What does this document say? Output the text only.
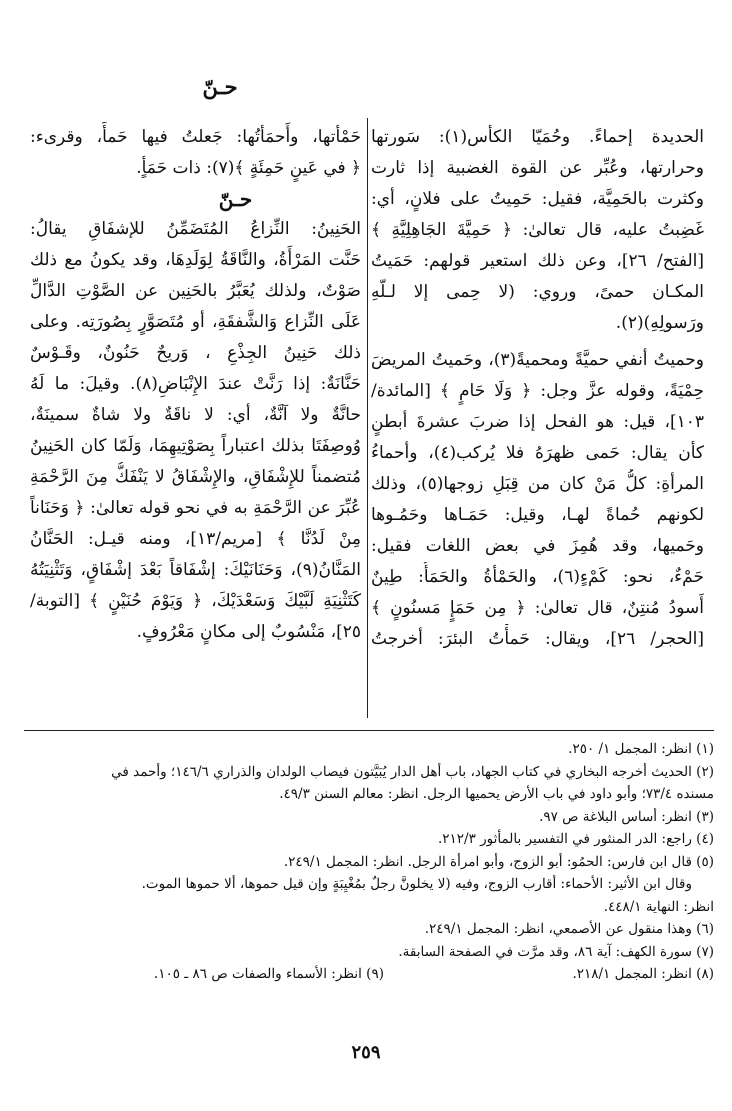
حـنّ
الحديدة إحماءً. وحُمَيّا الكأس(١): سَورتها
وحرارتها، وعُبِّر عن القوة الغضبية إذا ثارت
وكثرت بالحَمِيَّة، فقيل: حَمِيتُ على فلانٍ، أي:
غَضِبتُ عليه، قال تعالىٰ: ﴿ حَمِيَّةَ الجَاهِلِيَّةِ ﴾
[الفتح/ ٢٦]، وعن ذلك استعير قولهم: حَمَيتُ
المكـان حمىً، وروي: (لا حِمى إلا لـلّهِ
ورَسولِهِ)(٢).
وحميتُ أنفي حميَّةً ومحميةً(٣)، وحَميتُ المريضَ
حِمْيَةً، وقوله عزَّ وجل: ﴿ وَلَا حَامٍ ﴾ [المائدة/
١٠٣]، قيل: هو الفحل إذا ضربَ عشرةَ أبطنٍ
كأن يقال: حَمى ظهرَهُ فلا يُركب(٤)، وأحماءُ
المرأةِ: كلُّ مَنْ كان من قِبَلِ زوجها(٥)، وذلك
لكونهم حُماةً لهـا، وقيل: حَمَـاها وحَمُـوها
وحَميها، وقد هُمِزَ في بعض اللغات فقيل:
حَمْءٌ، نحو: كَمْءٍ(٦)، والحَمْأةُ والحَمَأُ: طِينٌ
أَسودُ مُنتِنٌ، قال تعالىٰ: ﴿ مِن حَمَإٍ مَسنُونٍ ﴾
[الحجر/ ٢٦]، ويقال: حَمأْتُ البئرَ: أخرجتُ
حَمْأتها، وأَحمَأتُها: جَعلتُ فيها حَمأً، وقرىء:
﴿ في عَينٍ حَمِئَةٍ ﴾(٧): ذات حَمَأٍ.
حـنّ
الحَنِينُ: النِّزاعُ المُتَضَمِّنُ للإشفَاقِ يقالُ:
حَنَّت المَرْأَةُ، والنَّاقَةُ لِوَلَدِهَا، وقد يكونُ مع ذلك
صَوْتٌ، ولذلك يُعَبَّرُ بالحَنِين عن الصَّوْتِ الدَّالِّ
عَلَى النِّزاع وَالشَّفقَةِ، أو مُتَصَوَّرٍ بِصُورَتِه. وعلى
ذلك حَنِينُ الجِذْعِ ، وَريحٌ حَنُونٌ، وقَـوْسٌ
حَنَّانَةٌ: إذا رَنَّتْ عندَ الإِنْبَاضِ(٨). وقيلَ: ما لَهُ
حانَّةٌ ولا آنَّةٌ، أي: لا ناقَةٌ ولا شاةٌ سمينَةٌ،
وُوصِفَتَا بذلك اعتباراً بِصَوْتِيهِمَا، وَلَمّا كان الحَنِينُ
مُتضمناً للإِشْفَاقِ، والإِشْفَاقُ لا يَنْفَكُّ مِنَ الرَّحْمَةِ
عُبِّرَ عن الرَّحْمَةِ به في نحو قوله تعالىٰ: ﴿ وَحَنَاناً
مِنْ لَدُنَّا ﴾ [مريم/١٣]، ومنه قيـل: الحَنَّانُ
المَنَّانُ(٩)، وَحَنَانَيْكَ: إشْفَاقاً بَعْدَ إشْفَاقٍ، وَتَثْنِيَتُهُ
كَتَثْنِيَةِ لَبَّيْكَ وَسَعْدَيْكَ، ﴿ وَيَوْمَ حُنَيْنٍ ﴾ [التوبة/
٢٥]، مَنْسُوبٌ إلى مكانٍ مَعْرُوفٍ.
(١) انظر: المجمل ١/ ٢٥٠.
(٢) الحديث أخرجه البخاري في كتاب الجهاد، باب أهل الدار يُبَيَّتون فيصاب الولدان والذراري ١٤٦/٦؛ وأحمد في
مسنده ٧٣/٤؛ وأبو داود في باب الأرض يحميها الرجل. انظر: معالم السنن ٤٩/٣.
(٣) انظر: أساس البلاغة ص ٩٧.
(٤) راجع: الدر المنثور في التفسير بالمأثور ٢١٢/٣.
(٥) قال ابن فارس: الحمُو: أبو الزوج، وأبو امرأة الرجل. انظر: المجمل ٢٤٩/١.
وقال ابن الأثير: الأحماء: أقارب الزوج، وفيه (لا يخلونَّ رجلٌ بمُغْيِبَةٍ وإن قيل حموها، ألا حموها الموت.
انظر: النهاية ٤٤٨/١.
(٦) وهذا منقول عن الأصمعي، انظر: المجمل ٢٤٩/١.
(٧) سورة الكهف: آية ٨٦، وقد مرَّت في الصفحة السابقة.
(٨) انظر: المجمل ٢١٨/١.
(٩) انظر: الأسماء والصفات ص ٨٦ ـ ١٠٥.
٢٥٩
